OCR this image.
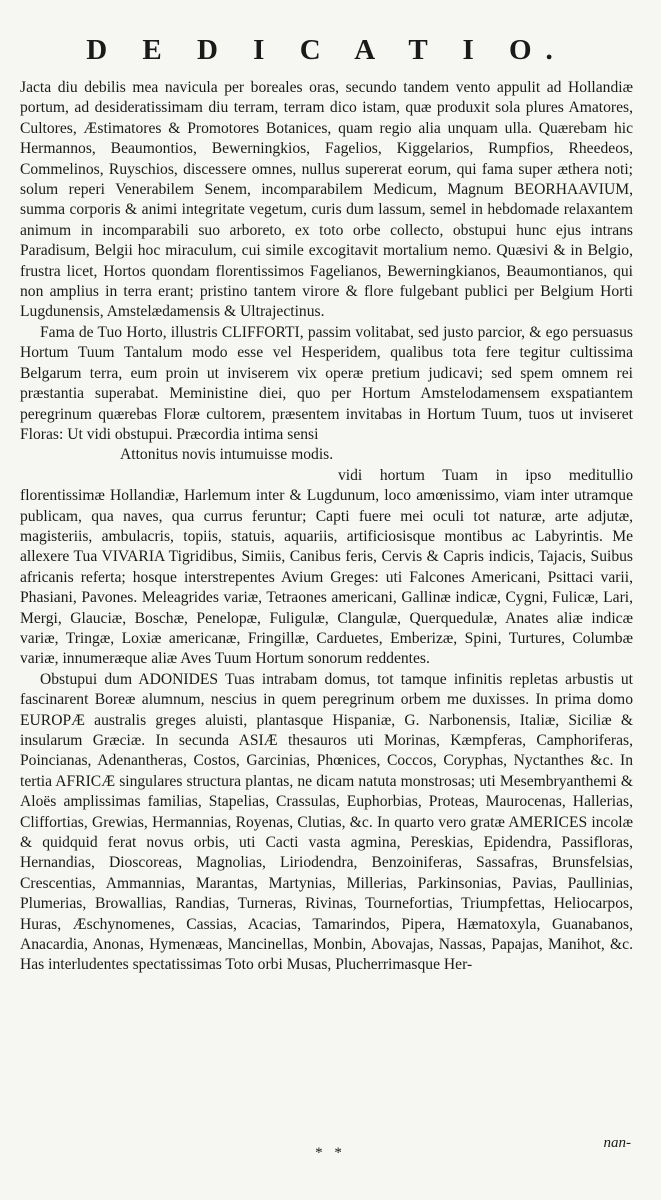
D E D I C A T I O.

Jacta diu debilis mea navicula per boreales oras, secundo tandem vento appulit ad Hollandiæ portum, ad desideratissimam diu terram, terram dico istam, quæ produxit sola plures Amatores, Cultores, Æstimatores & Promotores Botanices, quam regio alia unquam ulla. Quærebam hic Hermannos, Beaumontios, Bewerningkios, Fagelios, Kiggelarios, Rumpfios, Rheedeos, Commelinos, Ruyschios, discessere omnes, nullus supererat eorum, qui fama super æthera noti; solum reperi Venerabilem Senem, incomparabilem Medicum, Magnum BEORHAAVIUM, summa corporis & animi integritate vegetum, curis dum lassum, semel in hebdomade relaxantem animum in incomparabili suo arboreto, ex toto orbe collecto, obstupui hunc ejus intrans Paradisum, Belgii hoc miraculum, cui simile excogitavit mortalium nemo. Quæsivi & in Belgio, frustra licet, Hortos quondam florentissimos Fagelianos, Bewerningkianos, Beaumontianos, qui non amplius in terra erant; pristino tantem virore & flore fulgebant publici per Belgium Horti Lugdunensis, Amstelædamensis & Ultrajectinus.

Fama de Tuo Horto, illustris CLIFFORTI, passim volitabat, sed justo parcior, & ego persuasus Hortum Tuum Tantalum modo esse vel Hesperidem, qualibus tota fere tegitur cultissima Belgarum terra, eum proin ut inviserem vix operæ pretium judicavi; sed spem omnem rei præstantia superabat. Meministine diei, quo per Hortum Amstelodamensem exspatiantem peregrinum quærebas Floræ cultorem, præsentem invitabas in Hortum Tuum, tuos ut inviseret Floras: Ut vidi obstupui. Præcordia intima sensi

Attonitus novis intumuisse modis.

vidi hortum Tuam in ipso meditullio florentissimæ Hollandiæ, Harlemum inter & Lugdunum, loco amœnissimo, viam inter utramque publicam, qua naves, qua currus feruntur; Capti fuere mei oculi tot naturæ, arte adjutæ, magisteriis, ambulacris, topiis, statuis, aquariis, artificiosisque montibus ac Labyrintis. Me allexere Tua VIVARIA Tigridibus, Simiis, Canibus feris, Cervis & Capris indicis, Tajacis, Suibus africanis referta; hosque interstrepentes Avium Greges: uti Falcones Americani, Psittaci varii, Phasiani, Pavones. Meleagrides variæ, Tetraones americani, Gallinæ indicæ, Cygni, Fulicæ, Lari, Mergi, Glauciæ, Boschæ, Penelopæ, Fuligulæ, Clangulæ, Querquedulæ, Anates aliæ indicæ variæ, Tringæ, Loxiæ americanæ, Fringillæ, Carduetes, Emberizæ, Spini, Turtures, Columbæ variæ, innumeræque aliæ Aves Tuum Hortum sonorum reddentes.

Obstupui dum ADONIDES Tuas intrabam domus, tot tamque infinitis repletas arbustis ut fascinarent Boreæ alumnum, nescius in quem peregrinum orbem me duxisses. In prima domo EUROPÆ australis greges aluisti, plantasque Hispaniæ, G. Narbonensis, Italiæ, Siciliæ & insularum Græciæ. In secunda ASIÆ thesauros uti Morinas, Kæmpferas, Camphoriferas, Poincianas, Adenantheras, Costos, Garcinias, Phœnices, Coccos, Coryphas, Nyctanthes &c. In tertia AFRICÆ singulares structura plantas, ne dicam natuta monstrosas; uti Mesembryanthemi & Aloës amplissimas familias, Stapelias, Crassulas, Euphorbias, Proteas, Maurocenas, Hallerias, Cliffortias, Grewias, Hermannias, Royenas, Clutias, &c. In quarto vero gratæ AMERICES incolæ & quidquid ferat novus orbis, uti Cacti vasta agmina, Pereskias, Epidendra, Passifloras, Hernandias, Dioscoreas, Magnolias, Liriodendra, Benzoiniferas, Sassafras, Brunsfelsias, Crescentias, Ammannias, Marantas, Martynias, Millerias, Parkinsonias, Pavias, Paullinias, Plumerias, Browallias, Randias, Turneras, Rivinas, Tournefortias, Triumpfettas, Heliocarpos, Huras, Æschynomenes, Cassias, Acacias, Tamarindos, Pipera, Hæmatoxyla, Guanabanos, Anacardia, Anonas, Hymenæas, Mancinellas, Monbin, Abovajas, Nassas, Papajas, Manihot, &c. Has interludentes spectatissimas Toto orbi Musas, Plucherrimasque Her-

nan-
* *
